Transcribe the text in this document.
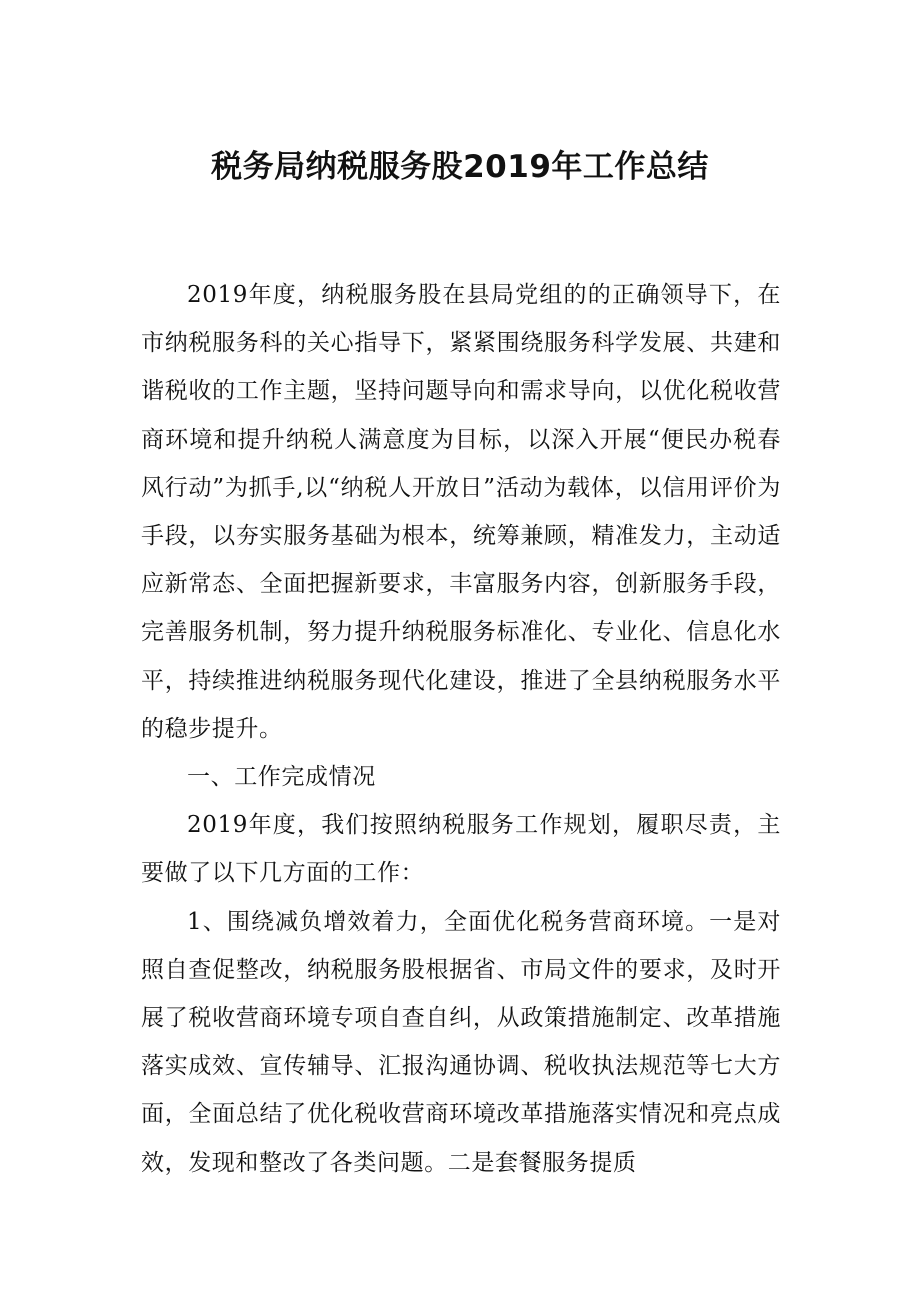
税务局纳税服务股2019年工作总结

2019年度，纳税服务股在县局党组的的正确领导下，在市纳税服务科的关心指导下，紧紧围绕服务科学发展、共建和谐税收的工作主题，坚持问题导向和需求导向，以优化税收营商环境和提升纳税人满意度为目标，以深入开展“便民办税春风行动”为抓手,以“纳税人开放日”活动为载体，以信用评价为手段，以夯实服务基础为根本，统筹兼顾，精准发力，主动适应新常态、全面把握新要求，丰富服务内容，创新服务手段，完善服务机制，努力提升纳税服务标准化、专业化、信息化水平，持续推进纳税服务现代化建设，推进了全县纳税服务水平的稳步提升。

一、工作完成情况

2019年度，我们按照纳税服务工作规划，履职尽责，主要做了以下几方面的工作：

1、围绕减负增效着力，全面优化税务营商环境。一是对照自查促整改，纳税服务股根据省、市局文件的要求，及时开展了税收营商环境专项自查自纠，从政策措施制定、改革措施落实成效、宣传辅导、汇报沟通协调、税收执法规范等七大方面，全面总结了优化税收营商环境改革措施落实情况和亮点成效，发现和整改了各类问题。二是套餐服务提质
